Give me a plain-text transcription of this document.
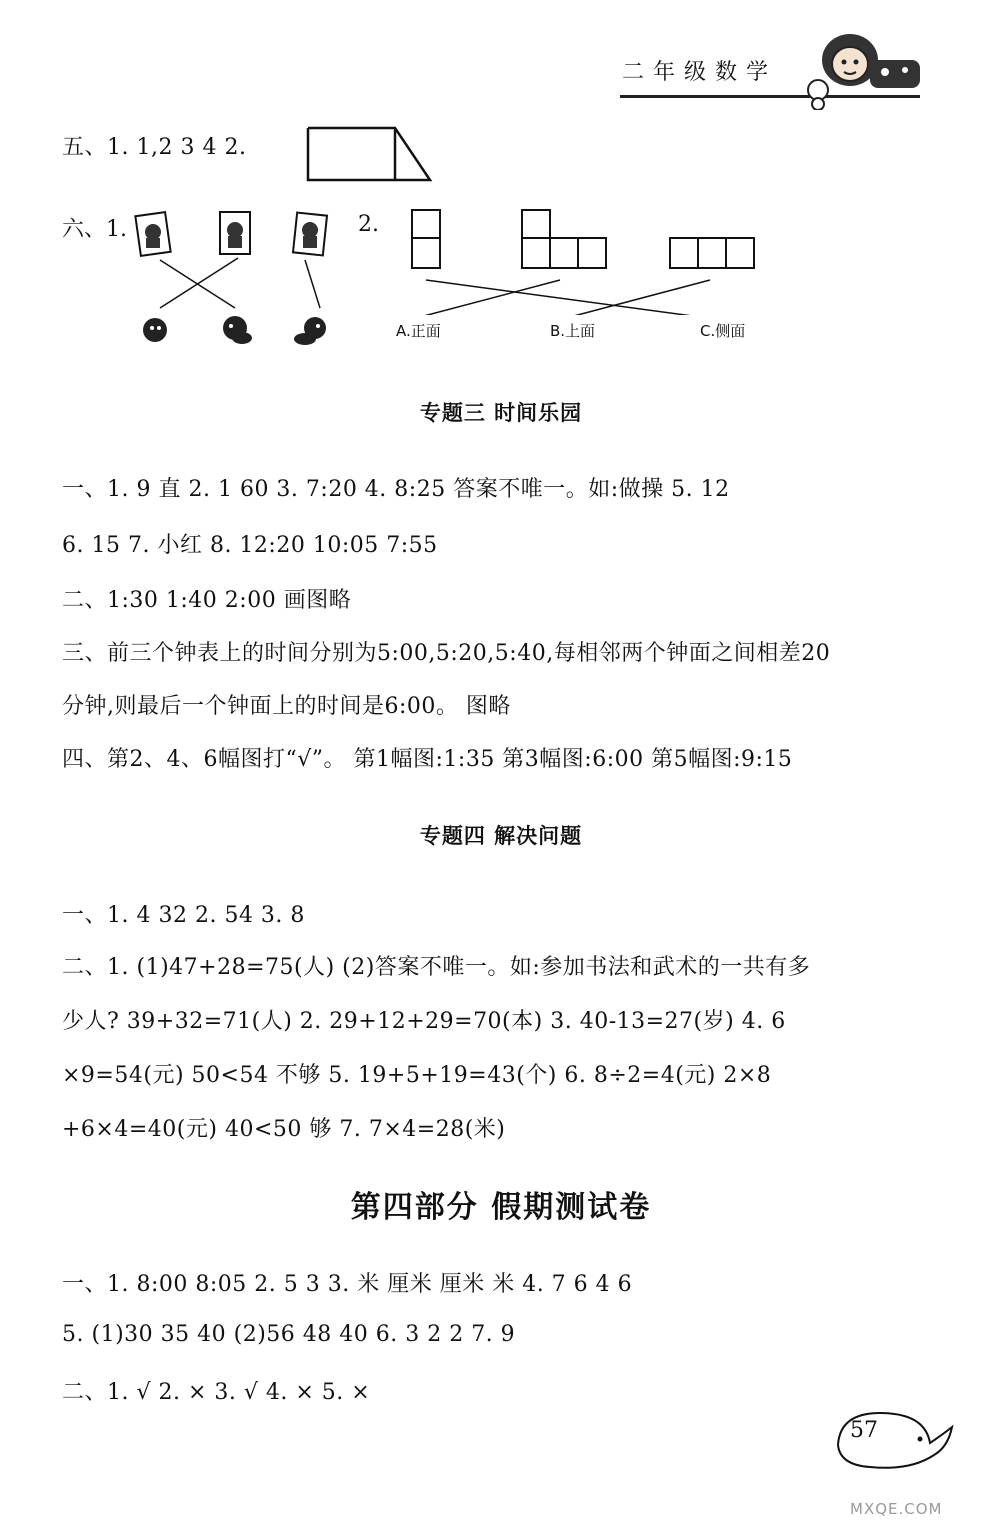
二年级数学
五、1. 1,2 3 4 2.
六、1.	2.
A.正面	B.上面	C.侧面
专题三 时间乐园
一、1. 9 直 2. 1 60 3. 7:20 4. 8:25 答案不唯一。如:做操 5. 12
6. 15 7. 小红 8. 12:20 10:05 7:55
二、1:30 1:40 2:00 画图略
三、前三个钟表上的时间分别为5:00,5:20,5:40,每相邻两个钟面之间相差20
分钟,则最后一个钟面上的时间是6:00。 图略
四、第2、4、6幅图打“√”。 第1幅图:1:35 第3幅图:6:00 第5幅图:9:15
专题四 解决问题
一、1. 4 32 2. 54 3. 8
二、1. (1)47+28=75(人) (2)答案不唯一。如:参加书法和武术的一共有多
少人? 39+32=71(人) 2. 29+12+29=70(本) 3. 40-13=27(岁) 4. 6
×9=54(元) 50<54 不够 5. 19+5+19=43(个) 6. 8÷2=4(元) 2×8
+6×4=40(元) 40<50 够 7. 7×4=28(米)
第四部分 假期测试卷
一、1. 8:00 8:05 2. 5 3 3. 米 厘米 厘米 米 4. 7 6 4 6
5. (1)30 35 40 (2)56 48 40 6. 3 2 2 7. 9
二、1. √ 2. × 3. √ 4. × 5. ×
57
MXQE.COM
